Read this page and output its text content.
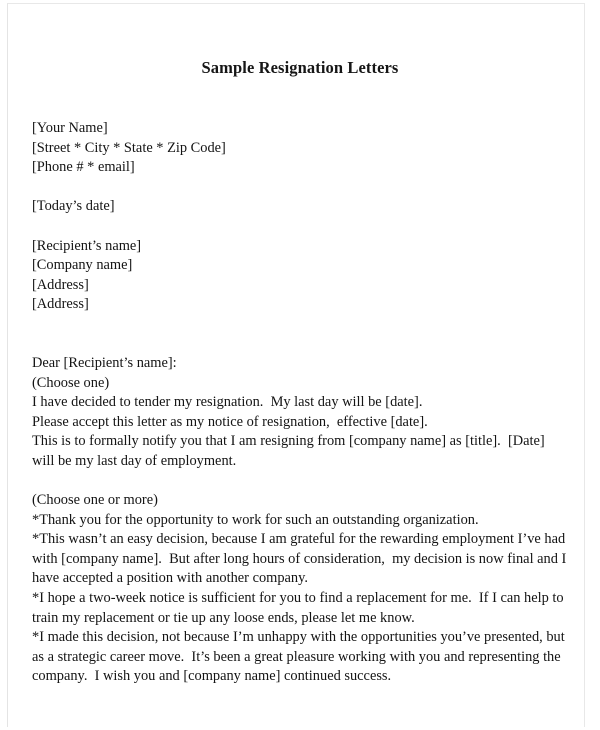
Sample Resignation Letters

[Your Name]

[Street * City * State * Zip Code]

[Phone # * email]

[Today’s date]

[Recipient’s name]

[Company name]

[Address]

[Address]

Dear [Recipient’s name]:

(Choose one)

I have decided to tender my resignation.  My last day will be [date].

Please accept this letter as my notice of resignation,  effective [date].

This is to formally notify you that I am resigning from [company name] as [title].  [Date] will be my last day of employment.

(Choose one or more)

*Thank you for the opportunity to work for such an outstanding organization.

*This wasn’t an easy decision, because I am grateful for the rewarding employment I’ve had with [company name].  But after long hours of consideration,  my decision is now final and I have accepted a position with another company.

*I hope a two-week notice is sufficient for you to find a replacement for me.  If I can help to train my replacement or tie up any loose ends, please let me know.

*I made this decision, not because I’m unhappy with the opportunities you’ve presented, but as a strategic career move.  It’s been a great pleasure working with you and representing the company.  I wish you and [company name] continued success.
